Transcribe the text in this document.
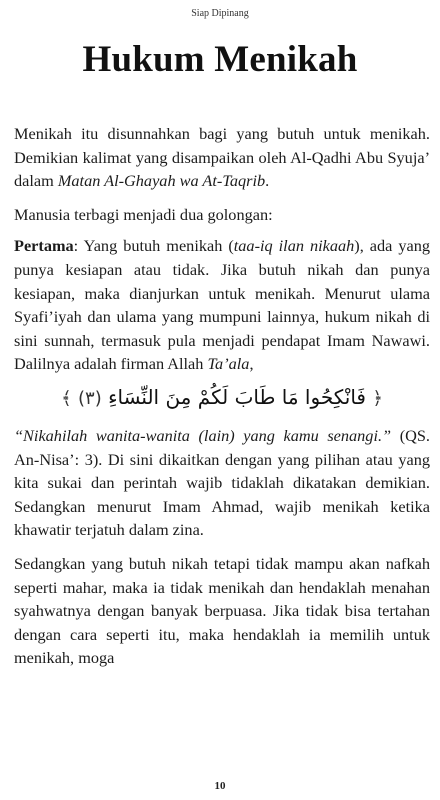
Siap Dipinang
Hukum Menikah

Menikah itu disunnahkan bagi yang butuh untuk menikah. Demikian kalimat yang disampaikan oleh Al-Qadhi Abu Syuja’ dalam Matan Al-Ghayah wa At-Taqrib.

Manusia terbagi menjadi dua golongan:

Pertama: Yang butuh menikah (taa-iq ilan nikaah), ada yang punya kesiapan atau tidak. Jika butuh nikah dan punya kesiapan, maka dianjurkan untuk menikah. Menurut ulama Syafi’iyah dan ulama yang mumpuni lainnya, hukum nikah di sini sunnah, termasuk pula menjadi pendapat Imam Nawawi. Dalilnya adalah firman Allah Ta’ala,

﴿ فَانْكِحُوا مَا طَابَ لَكُمْ مِنَ النِّسَاءِ (٣) ﴾

“Nikahilah wanita-wanita (lain) yang kamu senangi.” (QS. An-Nisa’: 3). Di sini dikaitkan dengan yang pilihan atau yang kita sukai dan perintah wajib tidaklah dikatakan demikian. Sedangkan menurut Imam Ahmad, wajib menikah ketika khawatir terjatuh dalam zina.

Sedangkan yang butuh nikah tetapi tidak mampu akan nafkah seperti mahar, maka ia tidak menikah dan hendaklah menahan syahwatnya dengan banyak berpuasa. Jika tidak bisa tertahan dengan cara seperti itu, maka hendaklah ia memilih untuk menikah, moga

10
